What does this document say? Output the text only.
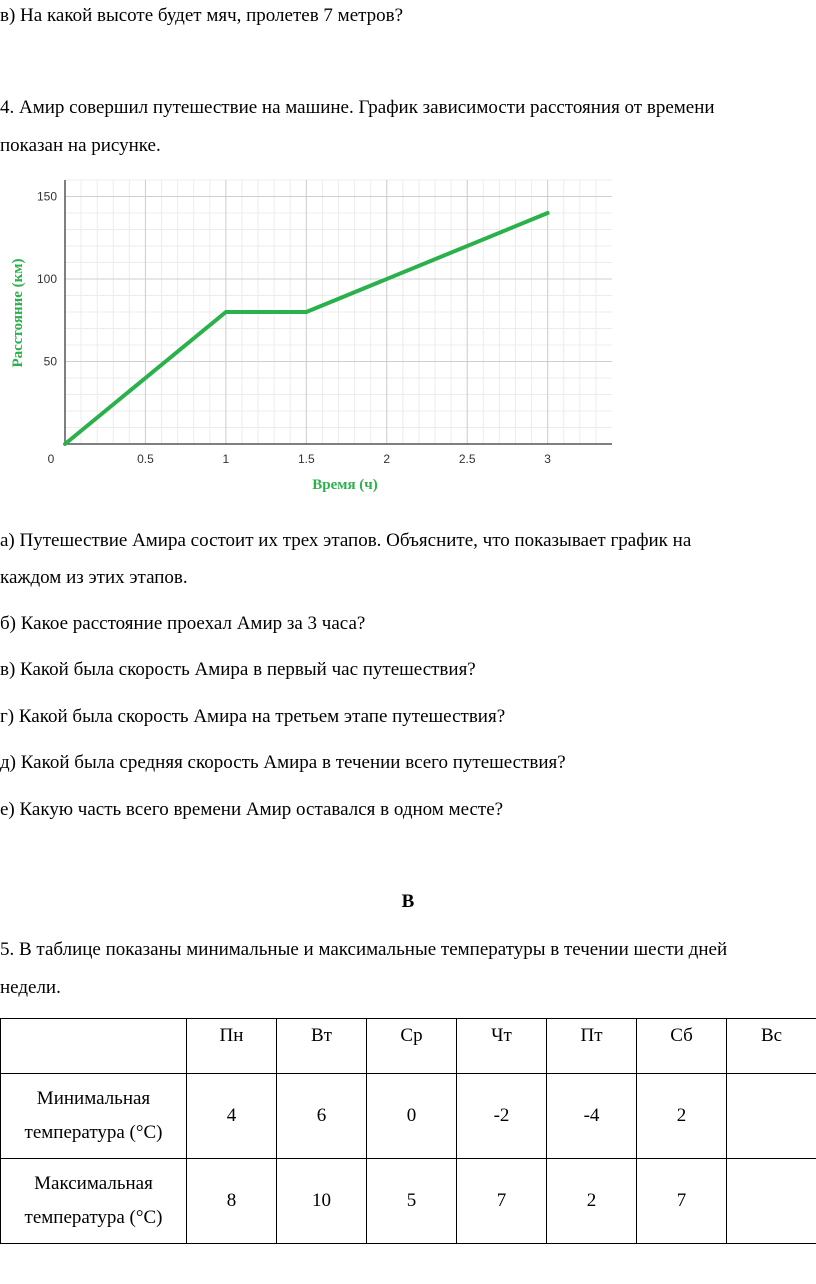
в) На какой высоте будет мяч, пролетев 7 метров?
4. Амир совершил путешествие на машине. График зависимости расстояния от времени
показан на рисунке.
0	0.5	1	1.5	2	2.5	3
50
100
150
Время (ч)
Расстояние (км)
а) Путешествие Амира состоит их трех этапов. Объясните, что показывает график на
каждом из этих этапов.
б) Какое расстояние проехал Амир за 3 часа?
в) Какой была скорость Амира в первый час путешествия?
г) Какой была скорость Амира на третьем этапе путешествия?
д) Какой была средняя скорость Амира в течении всего путешествия?
е) Какую часть всего времени Амир оставался в одном месте?
В
5. В таблице показаны минимальные и максимальные температуры в течении шести дней
недели.
	Пн	Вт	Ср	Чт	Пт	Сб	Вс
Минимальная
температура (°C)	4	6	0	-2	-4	2	
Максимальная
температура (°C)	8	10	5	7	2	7	
